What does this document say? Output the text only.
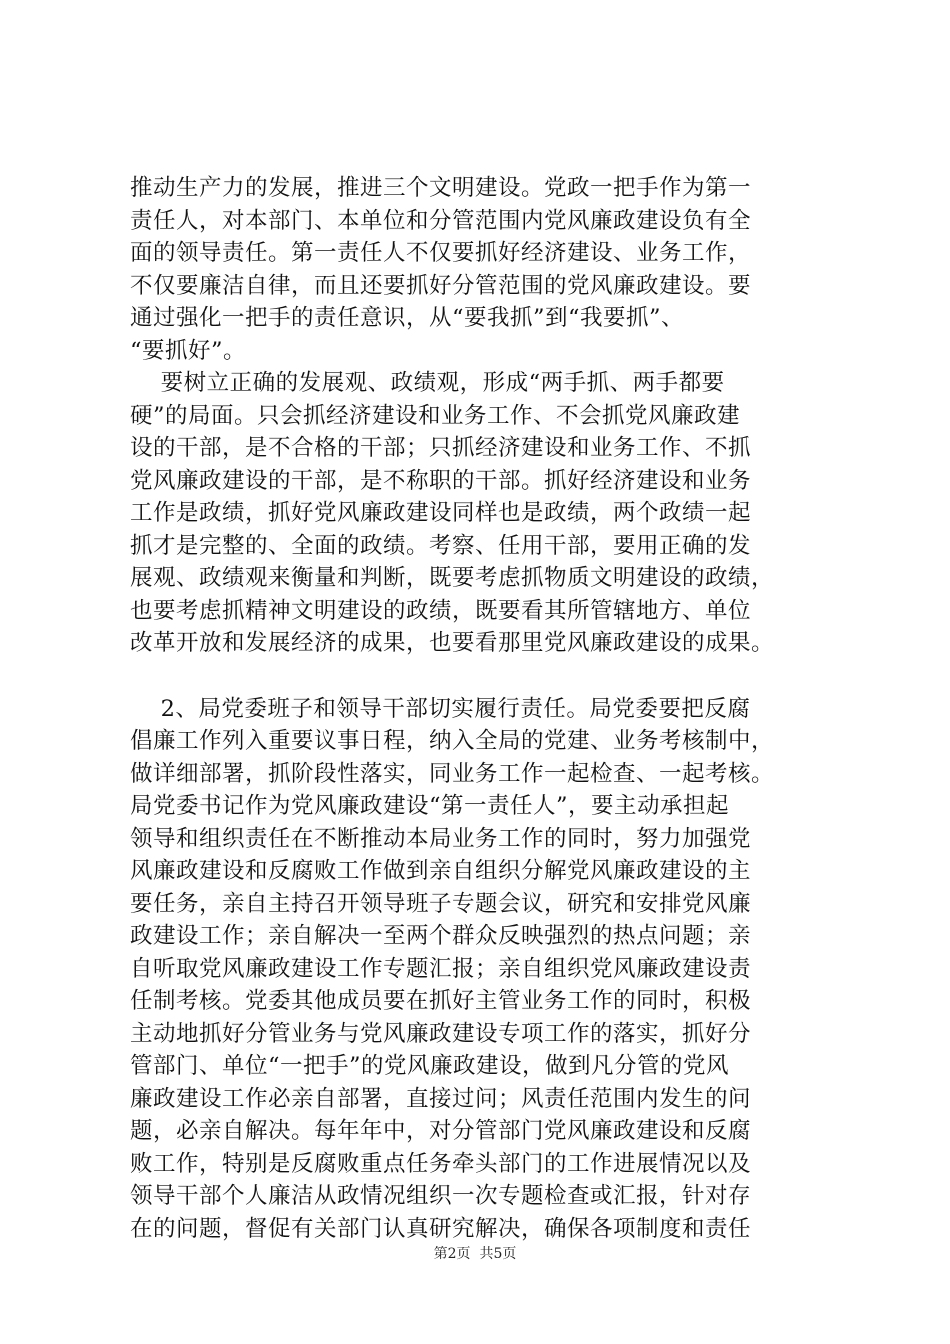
推动生产力的发展，推进三个文明建设。党政一把手作为第一
责任人，对本部门、本单位和分管范围内党风廉政建设负有全
面的领导责任。第一责任人不仅要抓好经济建设、业务工作，
不仅要廉洁自律，而且还要抓好分管范围的党风廉政建设。要
通过强化一把手的责任意识，从“要我抓”到“我要抓”、
“要抓好”。
要树立正确的发展观、政绩观，形成“两手抓、两手都要
硬”的局面。只会抓经济建设和业务工作、不会抓党风廉政建
设的干部，是不合格的干部；只抓经济建设和业务工作、不抓
党风廉政建设的干部，是不称职的干部。抓好经济建设和业务
工作是政绩，抓好党风廉政建设同样也是政绩，两个政绩一起
抓才是完整的、全面的政绩。考察、任用干部，要用正确的发
展观、政绩观来衡量和判断，既要考虑抓物质文明建设的政绩，
也要考虑抓精神文明建设的政绩，既要看其所管辖地方、单位
改革开放和发展经济的成果，也要看那里党风廉政建设的成果。
2、局党委班子和领导干部切实履行责任。局党委要把反腐
倡廉工作列入重要议事日程，纳入全局的党建、业务考核制中，
做详细部署，抓阶段性落实，同业务工作一起检查、一起考核。
局党委书记作为党风廉政建设“第一责任人”，要主动承担起
领导和组织责任在不断推动本局业务工作的同时，努力加强党
风廉政建设和反腐败工作做到亲自组织分解党风廉政建设的主
要任务，亲自主持召开领导班子专题会议，研究和安排党风廉
政建设工作；亲自解决一至两个群众反映强烈的热点问题；亲
自听取党风廉政建设工作专题汇报；亲自组织党风廉政建设责
任制考核。党委其他成员要在抓好主管业务工作的同时，积极
主动地抓好分管业务与党风廉政建设专项工作的落实，抓好分
管部门、单位“一把手”的党风廉政建设，做到凡分管的党风
廉政建设工作必亲自部署，直接过问；风责任范围内发生的问
题，必亲自解决。每年年中，对分管部门党风廉政建设和反腐
败工作，特别是反腐败重点任务牵头部门的工作进展情况以及
领导干部个人廉洁从政情况组织一次专题检查或汇报，针对存
在的问题，督促有关部门认真研究解决，确保各项制度和责任
第2页  共5页
